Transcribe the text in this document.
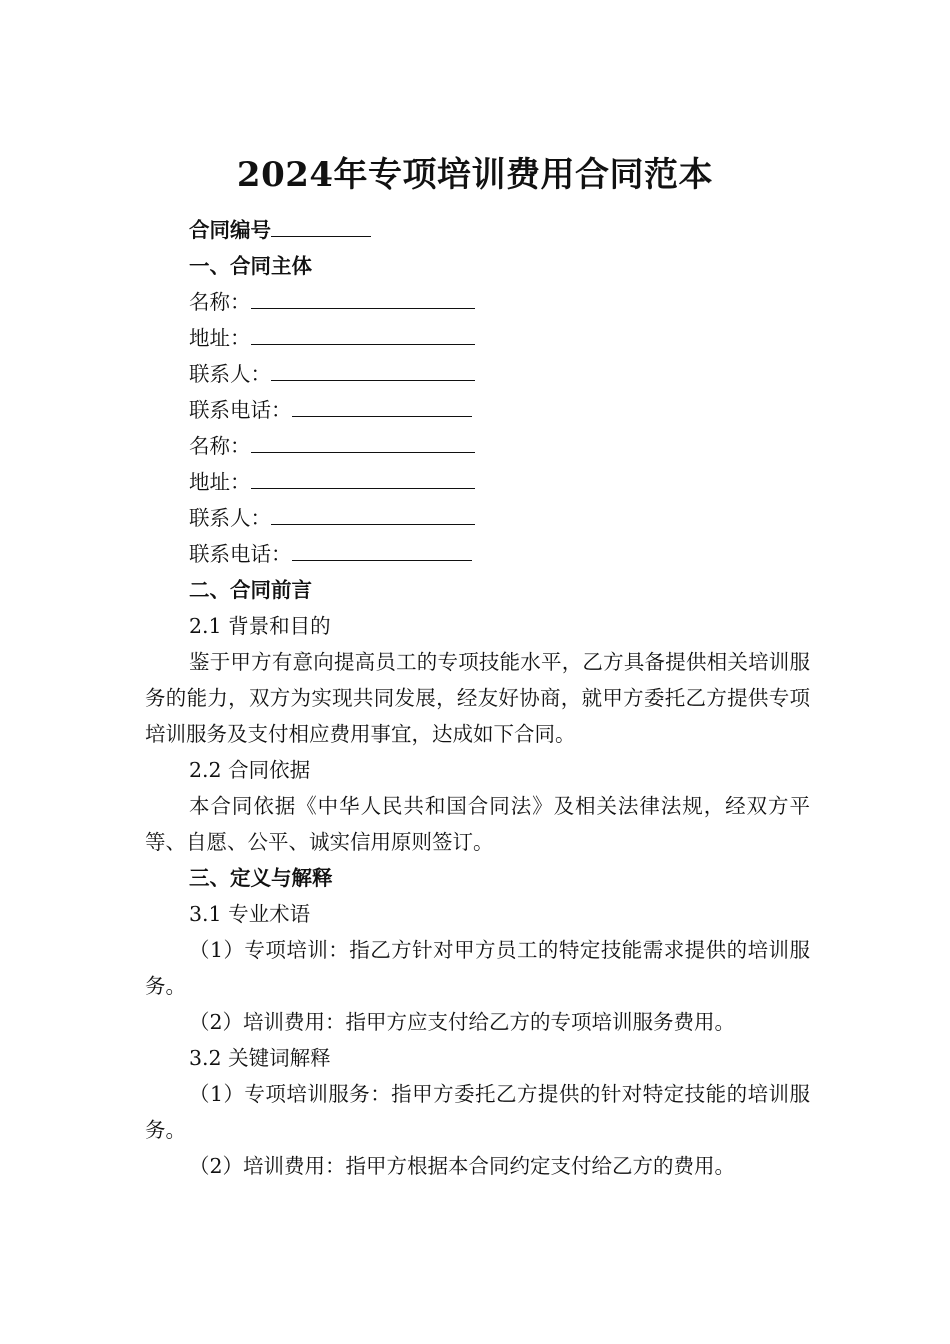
2024年专项培训费用合同范本
合同编号
一、合同主体
名称：
地址：
联系人：
联系电话：
名称：
地址：
联系人：
联系电话：
二、合同前言
2.1 背景和目的

鉴于甲方有意向提高员工的专项技能水平，乙方具备提供相关培训服务的能力，双方为实现共同发展，经友好协商，就甲方委托乙方提供专项培训服务及支付相应费用事宜，达成如下合同。

2.2 合同依据

本合同依据《中华人民共和国合同法》及相关法律法规，经双方平等、自愿、公平、诚实信用原则签订。

三、定义与解释
3.1 专业术语

（1）专项培训：指乙方针对甲方员工的特定技能需求提供的培训服务。

（2）培训费用：指甲方应支付给乙方的专项培训服务费用。

3.2 关键词解释

（1）专项培训服务：指甲方委托乙方提供的针对特定技能的培训服务。

（2）培训费用：指甲方根据本合同约定支付给乙方的费用。
